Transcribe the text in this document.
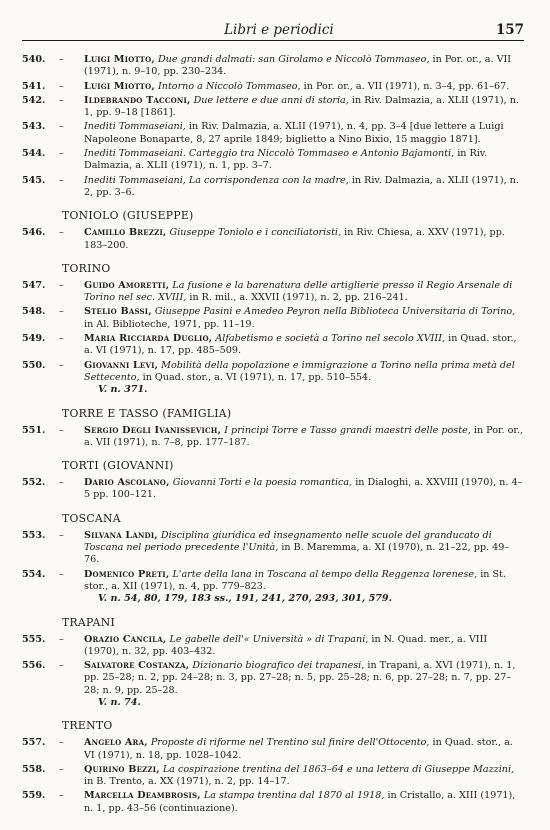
Libri e periodici	157
540.	– Luigi Miotto, Due grandi dalmati: san Girolamo e Niccolò Tommaseo, in Por. or., a. VII (1971), n. 9–10, pp. 230–234.
541.	– Luigi Miotto, Intorno a Niccolò Tommaseo, in Por. or., a. VII (1971), n. 3–4, pp. 61–67.
542.	– Ildebrando Tacconi, Due lettere e due anni di storia, in Riv. Dalmazia, a. XLII (1971), n. 1, pp. 9–18 [1861].
543.	– Inediti Tommaseiani, in Riv. Dalmazia, a. XLII (1971), n. 4, pp. 3–4 [due lettere a Luigi Napoleone Bonaparte, 8, 27 aprile 1849; biglietto a Nino Bixio, 15 maggio 1871].
544.	– Inediti Tommaseiani. Carteggio tra Niccolò Tommaseo e Antonio Bajamonti, in Riv. Dalmazia, a. XLII (1971), n. 1, pp. 3–7.
545.	– Inediti Tommaseiani, La corrispondenza con la madre, in Riv. Dalmazia, a. XLII (1971), n. 2, pp. 3–6.
TONIOLO (GIUSEPPE)
546.	– Camillo Brezzi, Giuseppe Toniolo e i conciliatoristi, in Riv. Chiesa, a. XXV (1971), pp. 183–200.
TORINO
547.	– Guido Amoretti, La fusione e la barenatura delle artiglierie presso il Regio Arsenale di Torino nel sec. XVIII, in R. mil., a. XXVII (1971), n. 2, pp. 216–241.
548.	– Stelio Bassi, Giuseppe Pasini e Amedeo Peyron nella Biblioteca Universitaria di Torino, in Al. Biblioteche, 1971, pp. 11–19.
549.	– Maria Ricciarda Duglio, Alfabetismo e società a Torino nel secolo XVIII, in Quad. stor., a. VI (1971), n. 17, pp. 485–509.
550.	– Giovanni Levi, Mobilità della popolazione e immigrazione a Torino nella prima metà del Settecento, in Quad. stor., a. VI (1971), n. 17, pp. 510–554.
V. n. 371.
TORRE E TASSO (FAMIGLIA)
551.	– Sergio Degli Ivanissevich, I principi Torre e Tasso grandi maestri delle poste, in Por. or., a. VII (1971), n. 7–8, pp. 177–187.
TORTI (GIOVANNI)
552.	– Dario Ascolano, Giovanni Torti e la poesia romantica, in Dialoghi, a. XXVIII (1970), n. 4–5 pp. 100–121.
TOSCANA
553.	– Silvana Landi, Disciplina giuridica ed insegnamento nelle scuole del granducato di Toscana nel periodo precedente l'Unità, in B. Maremma, a. XI (1970), n. 21–22, pp. 49–76.
554.	– Domenico Preti, L'arte della lana in Toscana al tempo della Reggenza lorenese, in St. stor., a. XII (1971), n. 4, pp. 779–823.
V. n. 54, 80, 179, 183 ss., 191, 241, 270, 293, 301, 579.
TRAPANI
555.	– Orazio Cancila, Le gabelle dell'« Università » di Trapani, in N. Quad. mer., a. VIII (1970), n. 32, pp. 403–432.
556.	– Salvatore Costanza, Dizionario biografico dei trapanesi, in Trapani, a. XVI (1971), n. 1, pp. 25–28; n. 2, pp. 24–28; n. 3, pp. 27–28; n. 5, pp. 25–28; n. 6, pp. 27–28; n. 7, pp. 27–28; n. 9, pp. 25–28.
V. n. 74.
TRENTO
557.	– Angelo Ara, Proposte di riforme nel Trentino sul finire dell'Ottocento, in Quad. stor., a. VI (1971), n. 18, pp. 1028–1042.
558.	– Quirino Bezzi, La cospirazione trentina del 1863–64 e una lettera di Giuseppe Mazzini, in B. Trento, a. XX (1971), n. 2, pp. 14–17.
559.	– Marcella Deambrosis, La stampa trentina dal 1870 al 1918, in Cristallo, a. XIII (1971), n. 1, pp. 43–56 (continuazione).
